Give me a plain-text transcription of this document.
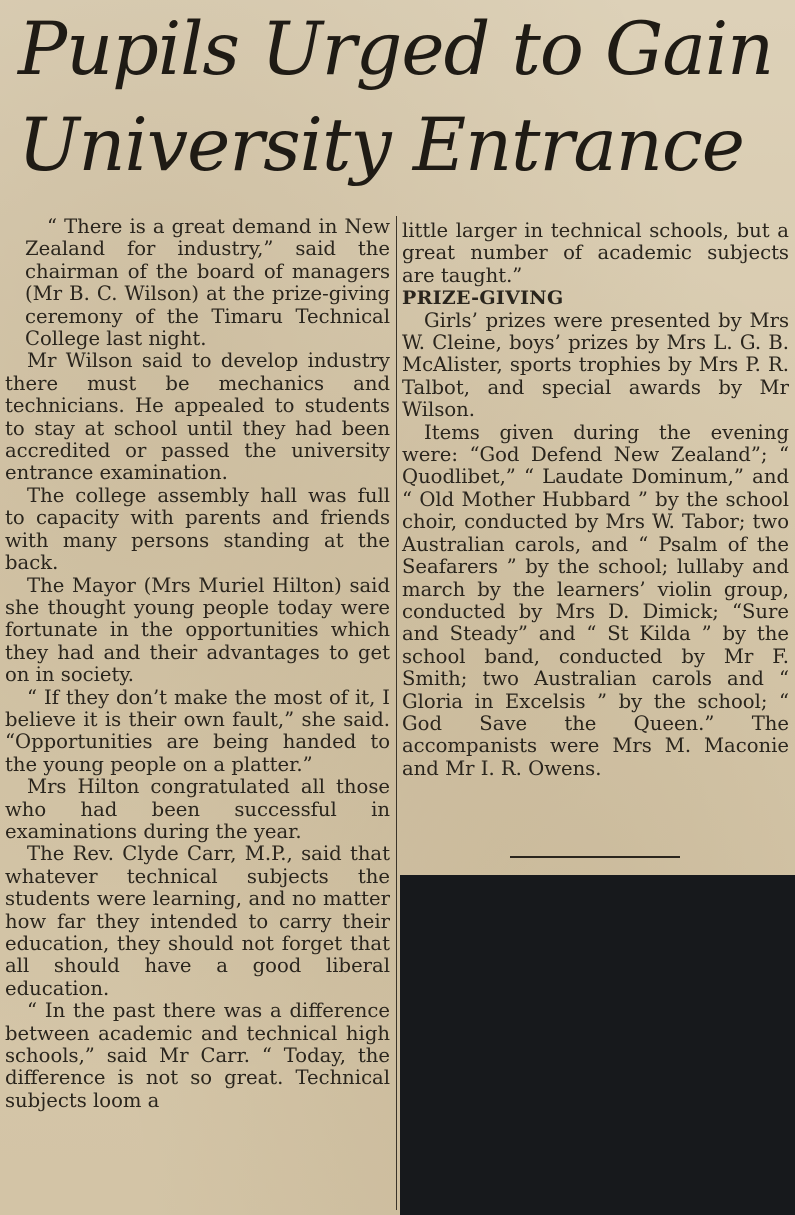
Pupils Urged to Gain
University Entrance

“ There is a great demand in New Zealand for industry,” said the chairman of the board of managers (Mr B. C. Wilson) at the prize-giving ceremony of the Timaru Technical College last night.

Mr Wilson said to develop industry there must be mechanics and technicians. He appealed to students to stay at school until they had been accredited or passed the university entrance examination.

The college assembly hall was full to capacity with parents and friends with many persons standing at the back.

The Mayor (Mrs Muriel Hilton) said she thought young people today were fortunate in the opportunities which they had and their advantages to get on in society.

“ If they don’t make the most of it, I believe it is their own fault,” she said. “Opportunities are being handed to the young people on a platter.”

Mrs Hilton congratulated all those who had been successful in examinations during the year.

The Rev. Clyde Carr, M.P., said that whatever technical subjects the students were learning, and no matter how far they intended to carry their education, they should not forget that all should have a good liberal education.

“ In the past there was a difference between academic and technical high schools,” said Mr Carr. “ Today, the difference is not so great. Technical subjects loom a

little larger in technical schools, but a great number of academic subjects are taught.”

PRIZE-GIVING

Girls’ prizes were presented by Mrs W. Cleine, boys’ prizes by Mrs L. G. B. McAlister, sports trophies by Mrs P. R. Talbot, and special awards by Mr Wilson.

Items given during the evening were: “God Defend New Zealand”; “ Quodlibet,” “ Laudate Dominum,” and “ Old Mother Hubbard ” by the school choir, conducted by Mrs W. Tabor; two Australian carols, and “ Psalm of the Seafarers ” by the school; lullaby and march by the learners’ violin group, conducted by Mrs D. Dimick; “Sure and Steady” and “ St Kilda ” by the school band, conducted by Mr F. Smith; two Australian carols and “ Gloria in Excelsis ” by the school; “ God Save the Queen.” The accompanists were Mrs M. Maconie and Mr I. R. Owens.
